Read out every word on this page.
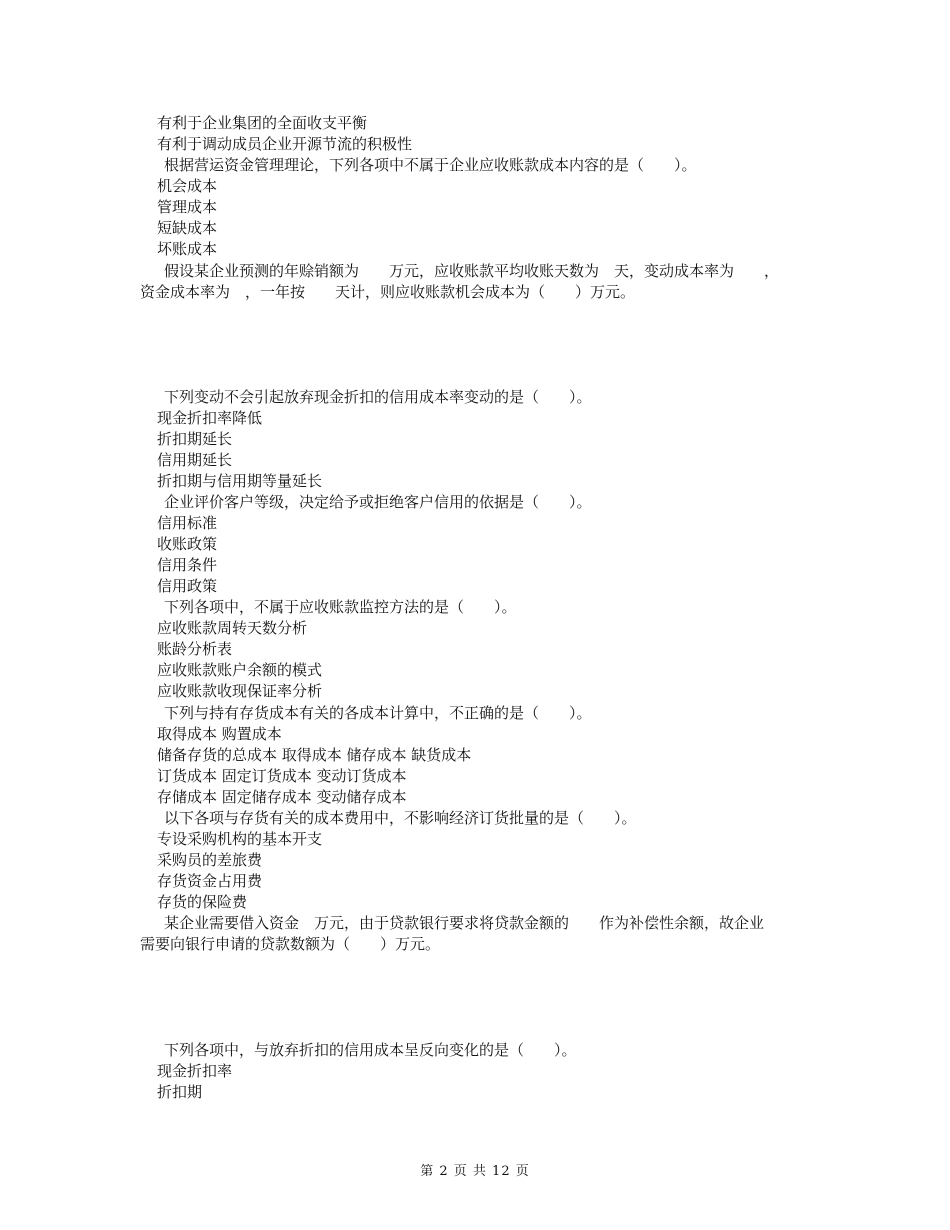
有利于企业集团的全面收支平衡
有利于调动成员企业开源节流的积极性
根据营运资金管理理论，下列各项中不属于企业应收账款成本内容的是（　　）。
机会成本
管理成本
短缺成本
坏账成本
假设某企业预测的年赊销额为　　万元，应收账款平均收账天数为　天，变动成本率为　　，
资金成本率为　，一年按　　天计，则应收账款机会成本为（　　）万元。
下列变动不会引起放弃现金折扣的信用成本率变动的是（　　）。
现金折扣率降低
折扣期延长
信用期延长
折扣期与信用期等量延长
企业评价客户等级，决定给予或拒绝客户信用的依据是（　　）。
信用标准
收账政策
信用条件
信用政策
下列各项中，不属于应收账款监控方法的是（　　）。
应收账款周转天数分析
账龄分析表
应收账款账户余额的模式
应收账款收现保证率分析
下列与持有存货成本有关的各成本计算中，不正确的是（　　）。
取得成本 购置成本
储备存货的总成本 取得成本 储存成本 缺货成本
订货成本 固定订货成本 变动订货成本
存储成本 固定储存成本 变动储存成本
以下各项与存货有关的成本费用中，不影响经济订货批量的是（　　）。
专设采购机构的基本开支
采购员的差旅费
存货资金占用费
存货的保险费
某企业需要借入资金　万元，由于贷款银行要求将贷款金额的　　作为补偿性余额，故企业
需要向银行申请的贷款数额为（　　）万元。
下列各项中，与放弃折扣的信用成本呈反向变化的是（　　）。
现金折扣率
折扣期
第 2 页 共 12 页
